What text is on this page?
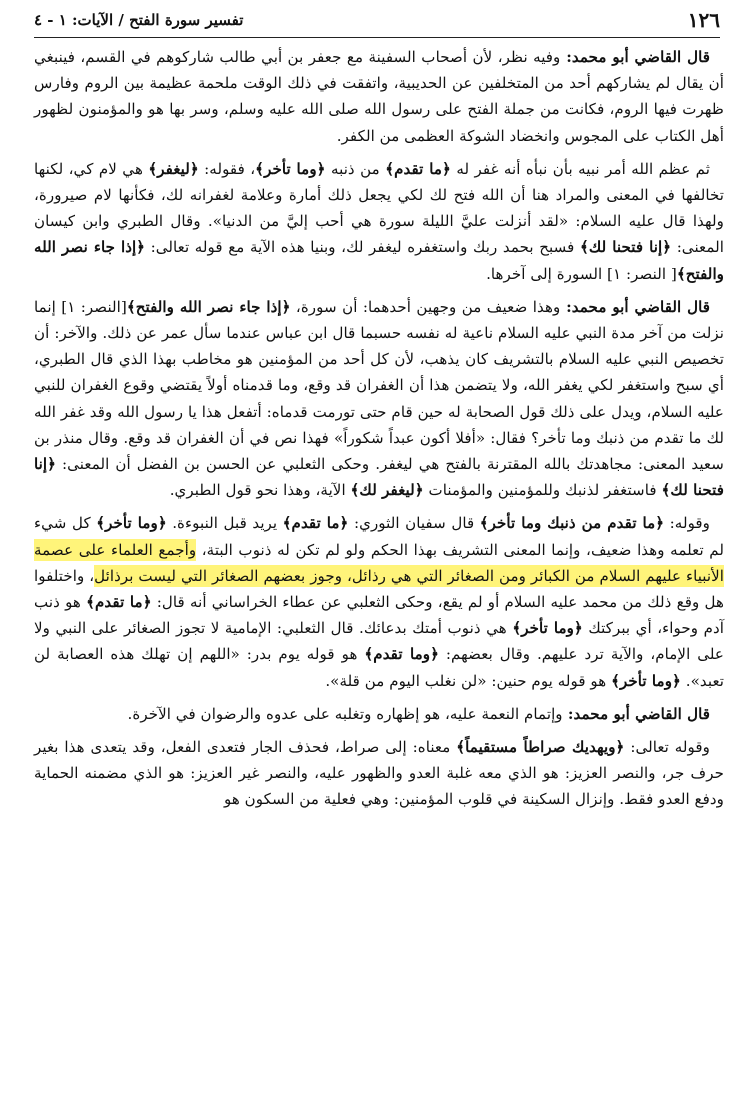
١٢٦
تفسير سورة الفتح / الآيات: ١ - ٤

قال القاضي أبو محمد: وفيه نظر، لأن أصحاب السفينة مع جعفر بن أبي طالب شاركوهم في القسم، فينبغي أن يقال لم يشاركهم أحد من المتخلفين عن الحديبية، واتفقت في ذلك الوقت ملحمة عظيمة بين الروم وفارس ظهرت فيها الروم، فكانت من جملة الفتح على رسول الله صلى الله عليه وسلم، وسر بها هو والمؤمنون لظهور أهل الكتاب على المجوس وانخضاد الشوكة العظمى من الكفر.

ثم عظم الله أمر نبيه بأن نبأه أنه غفر له ﴿ما تقدم﴾ من ذنبه ﴿وما تأخر﴾، فقوله: ﴿ليغفر﴾ هي لام كي، لكنها تخالفها في المعنى والمراد هنا أن الله فتح لك لكي يجعل ذلك أمارة وعلامة لغفرانه لك، فكأنها لام صيرورة، ولهذا قال عليه السلام: «لقد أنزلت عليَّ الليلة سورة هي أحب إليَّ من الدنيا». وقال الطبري وابن كيسان المعنى: ﴿إنا فتحنا لك﴾ فسبح بحمد ربك واستغفره ليغفر لك، وبنيا هذه الآية مع قوله تعالى: ﴿إذا جاء نصر الله والفتح﴾[ النصر: ١] السورة إلى آخرها.

قال القاضي أبو محمد: وهذا ضعيف من وجهين أحدهما: أن سورة، ﴿إذا جاء نصر الله والفتح﴾[النصر: ١] إنما نزلت من آخر مدة النبي عليه السلام ناعية له نفسه حسبما قال ابن عباس عندما سأل عمر عن ذلك. والآخر: أن تخصيص النبي عليه السلام بالتشريف كان يذهب، لأن كل أحد من المؤمنين هو مخاطب بهذا الذي قال الطبري، أي سبح واستغفر لكي يغفر الله، ولا يتضمن هذا أن الغفران قد وقع، وما قدمناه أولاً يقتضي وقوع الغفران للنبي عليه السلام، ويدل على ذلك قول الصحابة له حين قام حتى تورمت قدماه: أتفعل هذا يا رسول الله وقد غفر الله لك ما تقدم من ذنبك وما تأخر؟ فقال: «أفلا أكون عبداً شكوراً» فهذا نص في أن الغفران قد وقع. وقال منذر بن سعيد المعنى: مجاهدتك بالله المقترنة بالفتح هي ليغفر. وحكى الثعلبي عن الحسن بن الفضل أن المعنى: ﴿إنا فتحنا لك﴾ فاستغفر لذنبك وللمؤمنين والمؤمنات ﴿ليغفر لك﴾ الآية، وهذا نحو قول الطبري.

وقوله: ﴿ما تقدم من ذنبك وما تأخر﴾ قال سفيان الثوري: ﴿ما تقدم﴾ يريد قبل النبوءة. ﴿وما تأخر﴾ كل شيء لم تعلمه وهذا ضعيف، وإنما المعنى التشريف بهذا الحكم ولو لم تكن له ذنوب البتة، وأجمع العلماء على عصمة الأنبياء عليهم السلام من الكبائر ومن الصغائر التي هي رذائل، وجوز بعضهم الصغائر التي ليست برذائل، واختلفوا هل وقع ذلك من محمد عليه السلام أو لم يقع، وحكى الثعلبي عن عطاء الخراساني أنه قال: ﴿ما تقدم﴾ هو ذنب آدم وحواء، أي ببركتك ﴿وما تأخر﴾ هي ذنوب أمتك بدعائك. قال الثعلبي: الإمامية لا تجوز الصغائر على النبي ولا على الإمام، والآية ترد عليهم. وقال بعضهم: ﴿وما تقدم﴾ هو قوله يوم بدر: «اللهم إن تهلك هذه العصابة لن تعبد». ﴿وما تأخر﴾ هو قوله يوم حنين: «لن نغلب اليوم من قلة».

قال القاضي أبو محمد: وإتمام النعمة عليه، هو إظهاره وتغلبه على عدوه والرضوان في الآخرة.

وقوله تعالى: ﴿ويهديك صراطاً مستقيماً﴾ معناه: إلى صراط، فحذف الجار فتعدى الفعل، وقد يتعدى هذا بغير حرف جر، والنصر العزيز: هو الذي معه غلبة العدو والظهور عليه، والنصر غير العزيز: هو الذي مضمنه الحماية ودفع العدو فقط. وإنزال السكينة في قلوب المؤمنين: وهي فعلية من السكون هو
